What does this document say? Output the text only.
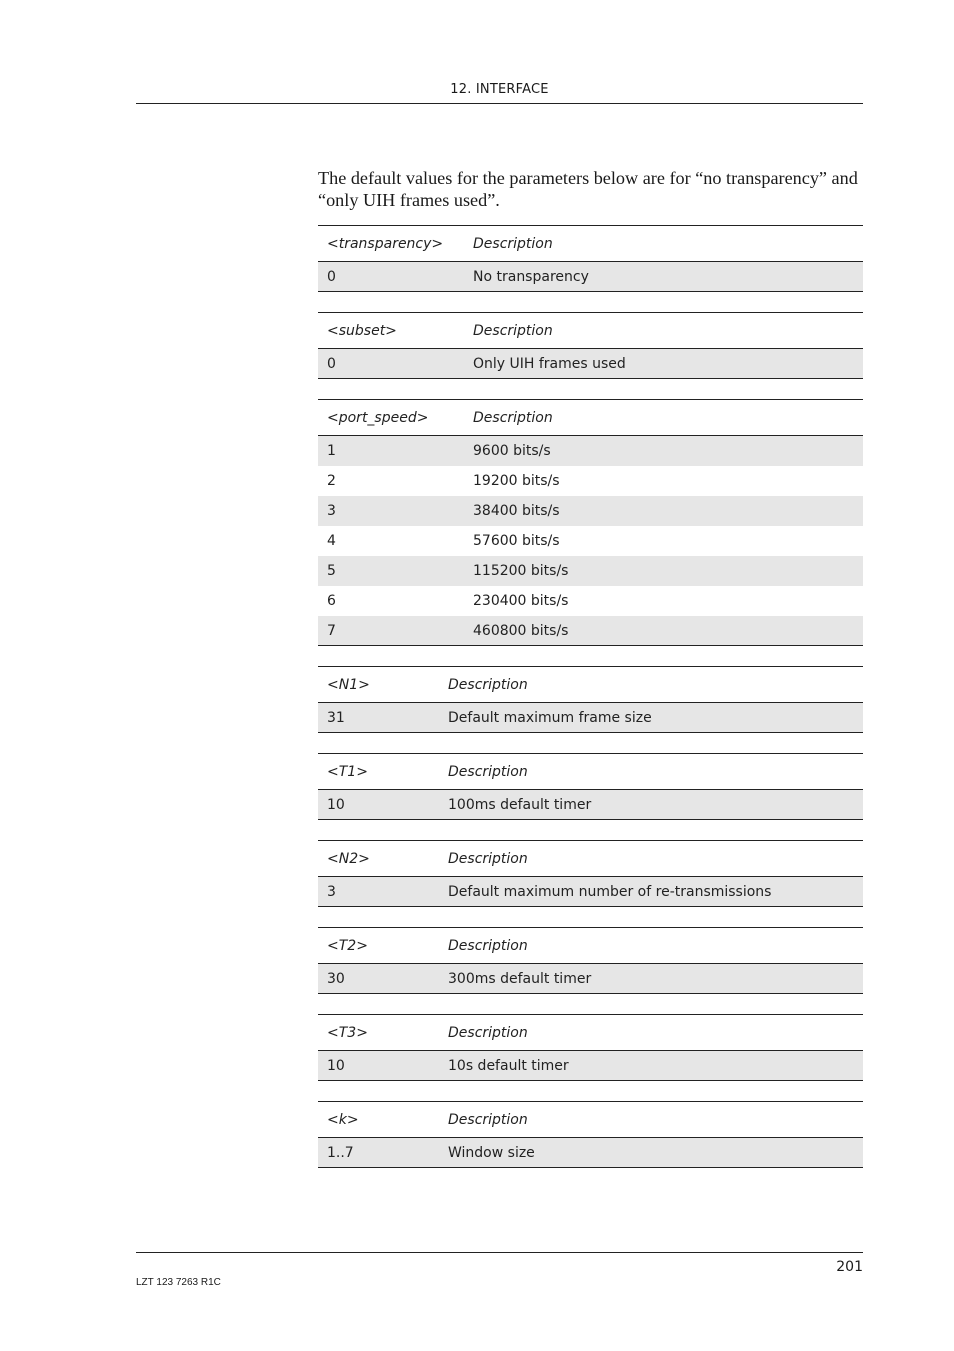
12. INTERFACE

The default values for the parameters below are for “no transparency” and “only UIH frames used”.

<transparency>	Description
0	No transparency
<subset>	Description
0	Only UIH frames used
<port_speed>	Description
1	9600 bits/s
2	19200 bits/s
3	38400 bits/s
4	57600 bits/s
5	115200 bits/s
6	230400 bits/s
7	460800 bits/s
<N1>	Description
31	Default maximum frame size
<T1>	Description
10	100ms default timer
<N2>	Description
3	Default maximum number of re-transmissions
<T2>	Description
30	300ms default timer
<T3>	Description
10	10s default timer
<k>	Description
1..7	Window size
201
LZT 123 7263 R1C
